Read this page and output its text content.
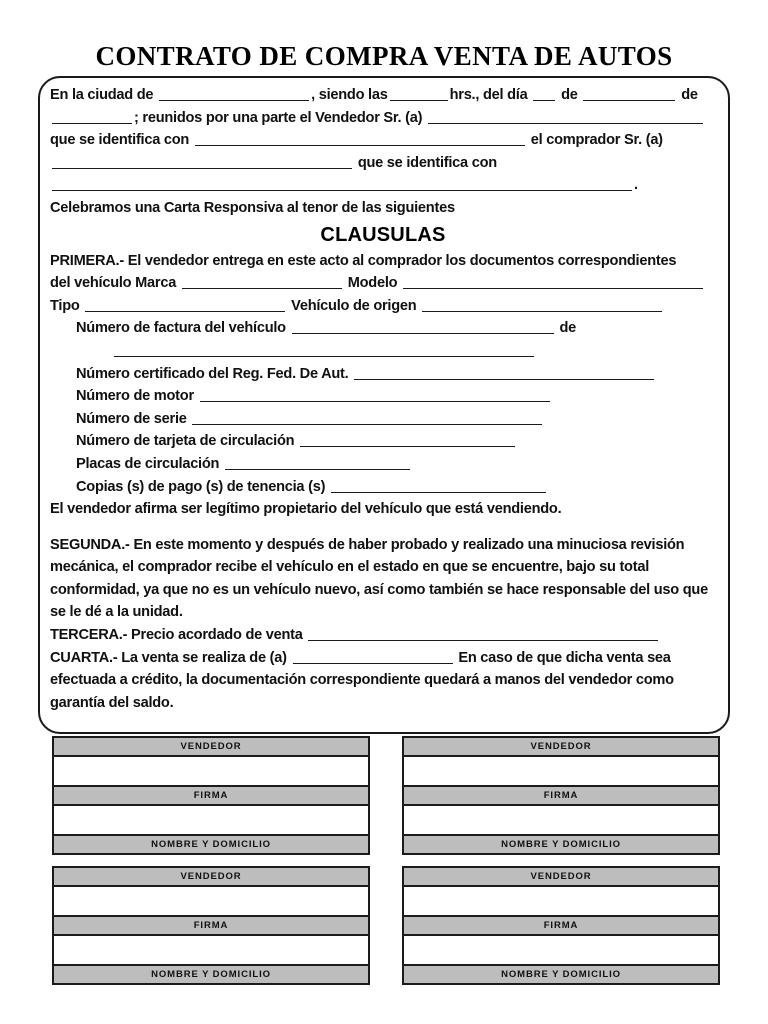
CONTRATO DE COMPRA VENTA DE AUTOS
En la ciudad de	, siendo las	hrs., del día de	de
; reunidos por una parte el Vendedor Sr. (a)
que se identifica con	el comprador Sr. (a)
que se identifica con
.
Celebramos una Carta Responsiva al tenor de las siguientes
CLAUSULAS
PRIMERA.- El vendedor entrega en este acto al comprador los documentos correspondientes
del vehículo Marca	Modelo
Tipo	Vehículo de origen
Número de factura del vehículo	de
Número certificado del Reg. Fed. De Aut.
Número de motor
Número de serie
Número de tarjeta de circulación
Placas de circulación
Copias (s) de pago (s) de tenencia (s)
El vendedor afirma ser legítimo propietario del vehículo que está vendiendo.
SEGUNDA.- En este momento y después de haber probado y realizado una minuciosa revisión mecánica, el comprador recibe el vehículo en el estado en que se encuentre, bajo su total conformidad, ya que no es un vehículo nuevo, así como también se hace responsable del uso que se le dé a la unidad.
TERCERA.- Precio acordado de venta
CUARTA.- La venta se realiza de (a)	En caso de que dicha venta sea efectuada a crédito, la documentación correspondiente quedará a manos del vendedor como garantía del saldo.
VENDEDOR
FIRMA
NOMBRE Y DOMICILIO
VENDEDOR
FIRMA
NOMBRE Y DOMICILIO
VENDEDOR
FIRMA
NOMBRE Y DOMICILIO
VENDEDOR
FIRMA
NOMBRE Y DOMICILIO
